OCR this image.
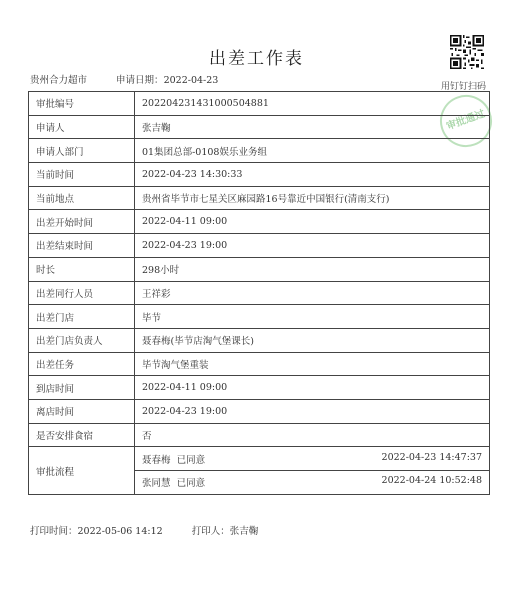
出差工作表
贵州合力超市	申请日期：2022-04-23
用钉钉扫码
审批通过
审批编号	202204231431000504881
申请人	张吉鞠
申请人部门	01集团总部-0108娱乐业务组
当前时间	2022-04-23 14:30:33
当前地点	贵州省毕节市七星关区麻园路16号靠近中国银行(清南支行)
出差开始时间	2022-04-11 09:00
出差结束时间	2022-04-23 19:00
时长	298小时
出差同行人员	王祥彩
出差门店	毕节
出差门店负责人	聂春梅(毕节店淘气堡课长)
出差任务	毕节淘气堡重装
到店时间	2022-04-11 09:00
离店时间	2022-04-23 19:00
是否安排食宿	否
审批流程	聂春梅 已同意 2022-04-23 14:47:37

	张同慧 已同意 2022-04-24 10:52:48
打印时间：2022-05-06 14:12	打印人：张吉鞠
